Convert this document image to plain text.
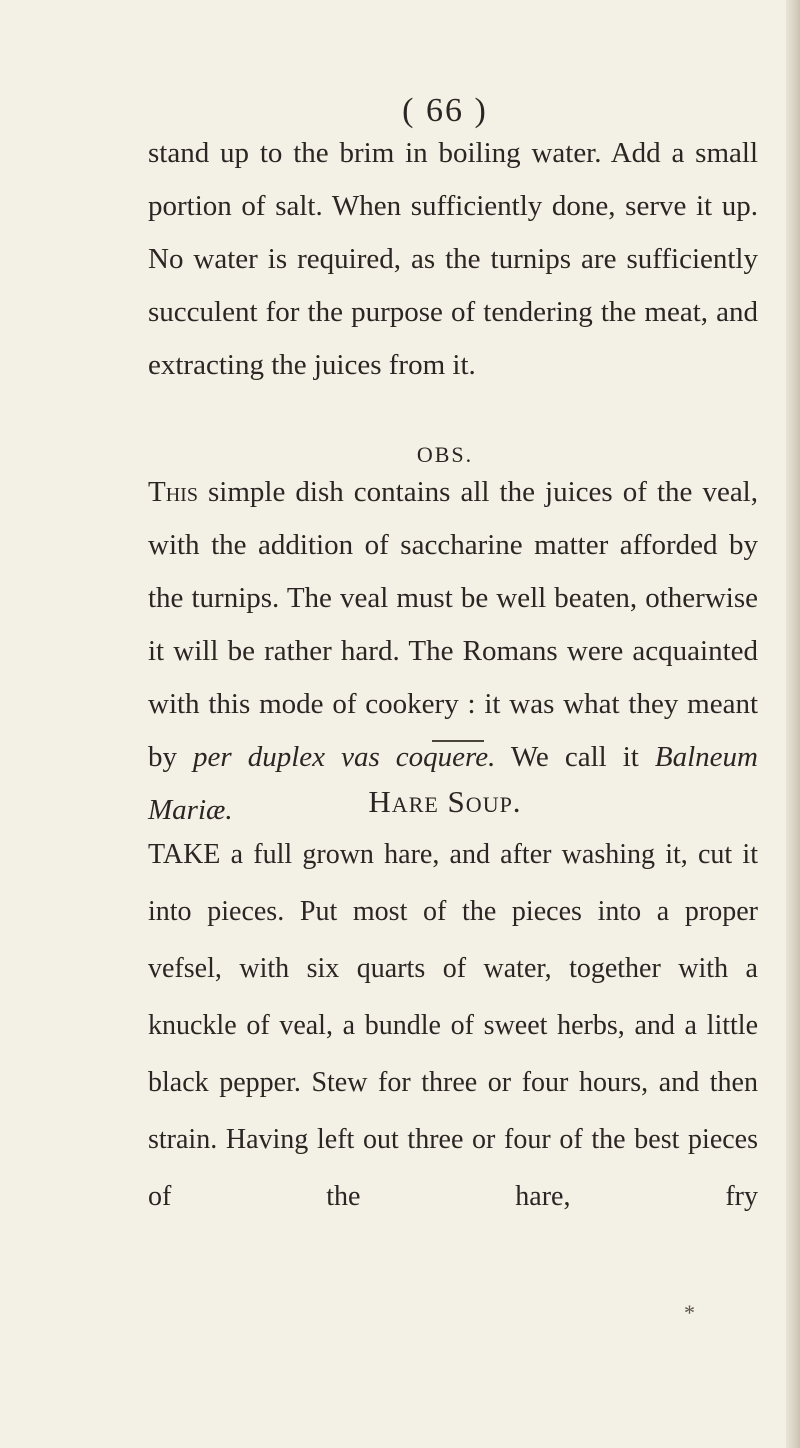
( 66 )

stand up to the brim in boiling water. Add a small portion of salt. When sufficiently done, serve it up. No water is required, as the turnips are sufficiently succulent for the purpose of tendering the meat, and extracting the juices from it.

OBS.

This simple dish contains all the juices of the veal, with the addition of saccharine matter afforded by the turnips. The veal must be well beaten, otherwise it will be rather hard. The Romans were acquainted with this mode of cookery : it was what they meant by per duplex vas coquere. We call it Balneum Mariæ.	Hare Soup.

TAKE a full grown hare, and after washing it, cut it into pieces. Put most of the pieces into a proper vefsel, with six quarts of water, together with a knuckle of veal, a bundle of sweet herbs, and a little black pepper. Stew for three or four hours, and then strain. Having left out three or four of the best pieces of the hare, fry

*
